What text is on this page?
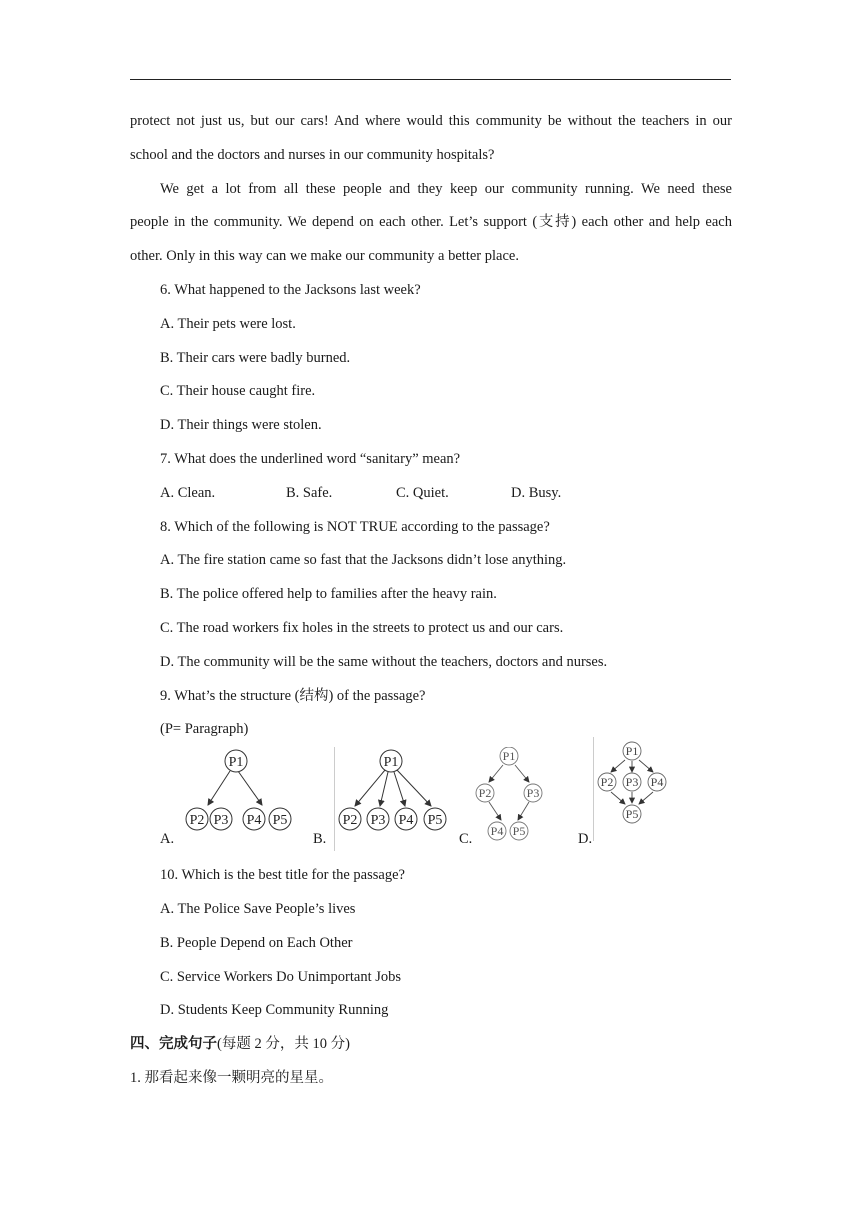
protect not just us, but our cars! And where would this community be without the teachers in our
school and the doctors and nurses in our community hospitals?
We get a lot from all these people and they keep our community running. We need these
people in the community. We depend on each other. Let’s support (支持) each other and help each
other. Only in this way can we make our community a better place.
6. What happened to the Jacksons last week?
A. Their pets were lost.
B. Their cars were badly burned.
C. Their house caught fire.
D. Their things were stolen.
7. What does the underlined word “sanitary” mean?
A. Clean.	B. Safe.	C. Quiet.	D. Busy.
8. Which of the following is NOT TRUE according to the passage?
A. The fire station came so fast that the Jacksons didn’t lose anything.
B. The police offered help to families after the heavy rain.
C. The road workers fix holes in the streets to protect us and our cars.
D. The community will be the same without the teachers, doctors and nurses.
9. What’s the structure (结构) of the passage?
(P= Paragraph)
A.
P1
P2 P3 P4 P5
B.
P1
P2 P3 P4 P5
C.
P1
P2	P3
P4 P5	D.
P1
P2 P3 P4
P5
10. Which is the best title for the passage?
A. The Police Save People’s lives
B. People Depend on Each Other
C. Service Workers Do Unimportant Jobs
D. Students Keep Community Running
四、完成句子(每题 2 分，共 10 分)
1. 那看起来像一颗明亮的星星。
